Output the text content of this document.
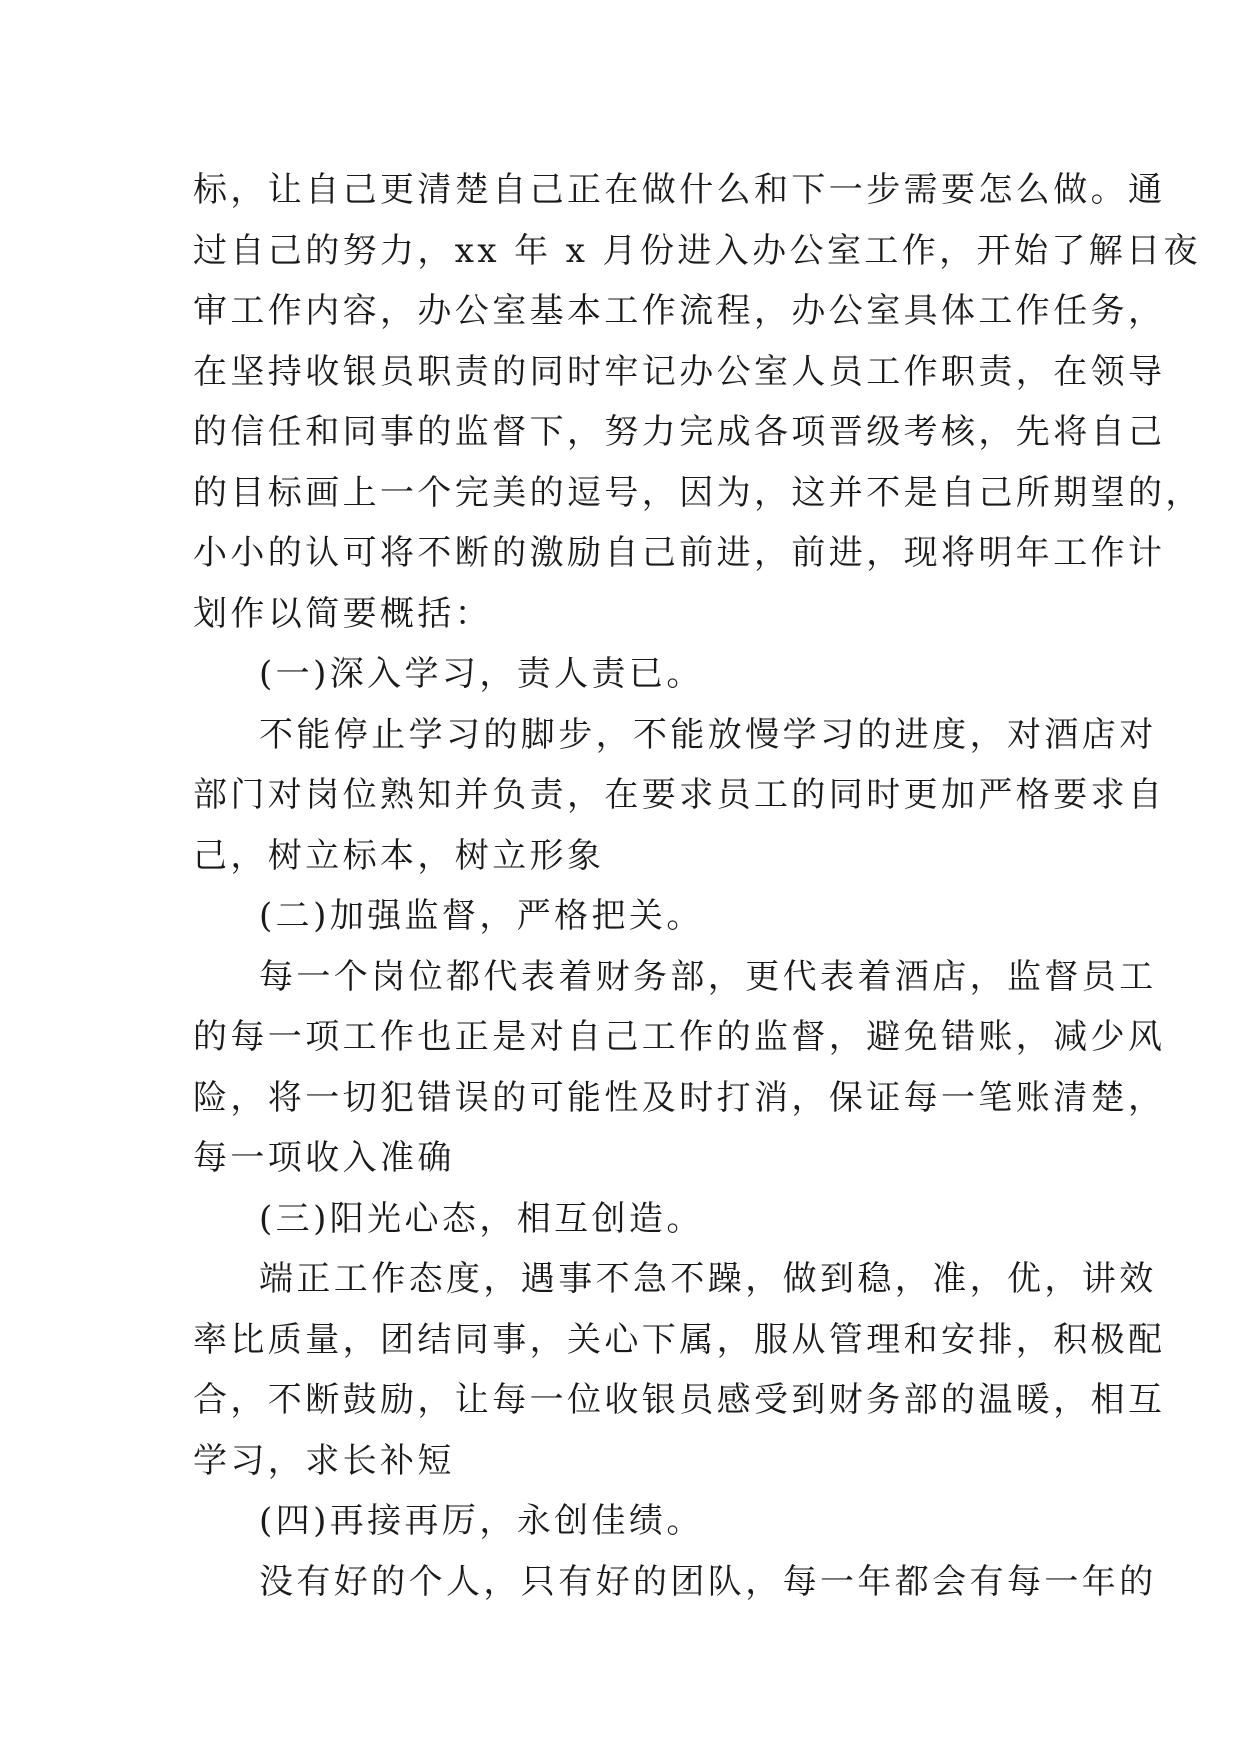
标，让自己更清楚自己正在做什么和下一步需要怎么做。通
过自己的努力，xx 年 x 月份进入办公室工作，开始了解日夜
审工作内容，办公室基本工作流程，办公室具体工作任务，
在坚持收银员职责的同时牢记办公室人员工作职责，在领导
的信任和同事的监督下，努力完成各项晋级考核，先将自己
的目标画上一个完美的逗号，因为，这并不是自己所期望的，
小小的认可将不断的激励自己前进，前进，现将明年工作计
划作以简要概括：
(一)深入学习，责人责已。
不能停止学习的脚步，不能放慢学习的进度，对酒店对
部门对岗位熟知并负责，在要求员工的同时更加严格要求自
己，树立标本，树立形象
(二)加强监督，严格把关。
每一个岗位都代表着财务部，更代表着酒店，监督员工
的每一项工作也正是对自己工作的监督，避免错账，减少风
险，将一切犯错误的可能性及时打消，保证每一笔账清楚，
每一项收入准确
(三)阳光心态，相互创造。
端正工作态度，遇事不急不躁，做到稳，准，优，讲效
率比质量，团结同事，关心下属，服从管理和安排，积极配
合，不断鼓励，让每一位收银员感受到财务部的温暖，相互
学习，求长补短
(四)再接再厉，永创佳绩。
没有好的个人，只有好的团队，每一年都会有每一年的
